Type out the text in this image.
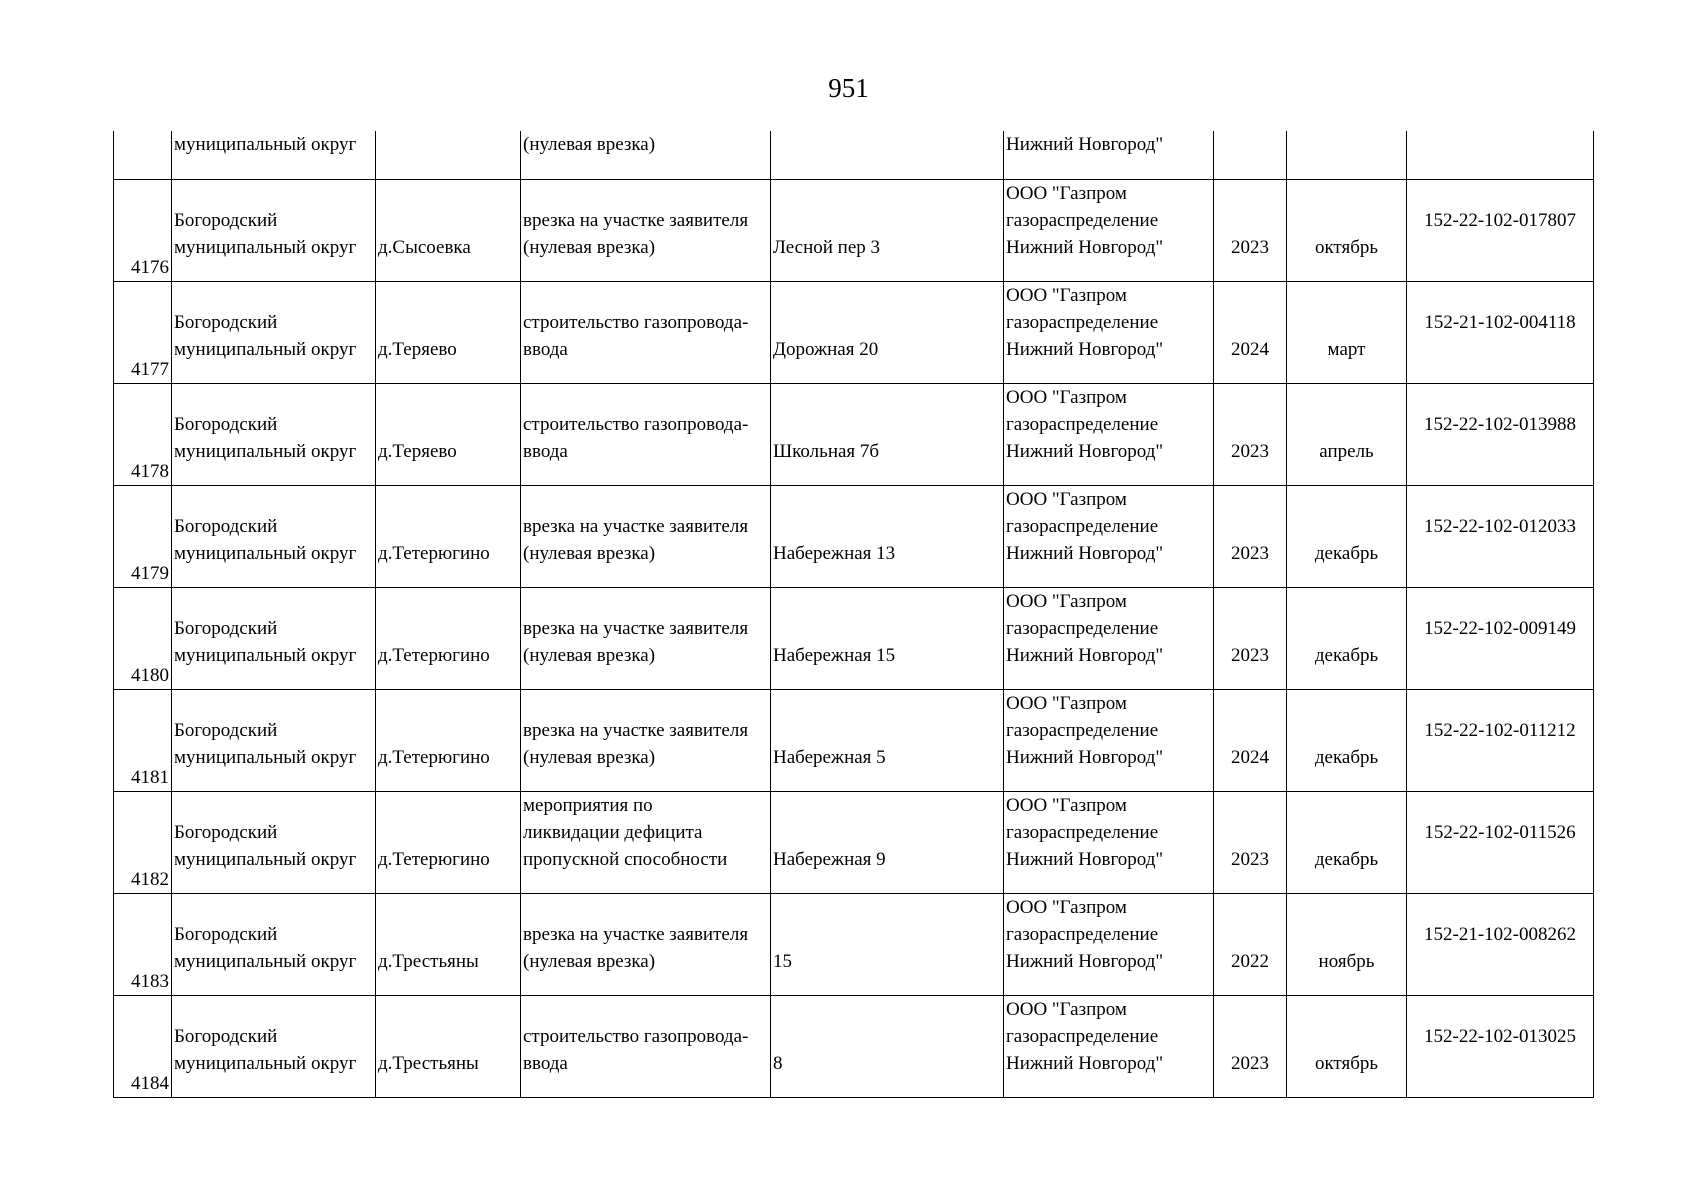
951

	муниципальный округ		(нулевая врезка)		Нижний Новгород"			

4176	Богородский
муниципальный округ	д.Сысоевка	врезка на участке заявителя
(нулевая врезка)	Лесной пер 3	ООО "Газпром
газораспределение
Нижний Новгород"	2023	октябрь	152-22-102-017807

4177	Богородский
муниципальный округ	д.Теряево	строительство газопровода-
ввода	Дорожная 20	ООО "Газпром
газораспределение
Нижний Новгород"	2024	март	152-21-102-004118

4178	Богородский
муниципальный округ	д.Теряево	строительство газопровода-
ввода	Школьная 7б	ООО "Газпром
газораспределение
Нижний Новгород"	2023	апрель	152-22-102-013988

4179	Богородский
муниципальный округ	д.Тетерюгино	врезка на участке заявителя
(нулевая врезка)	Набережная 13	ООО "Газпром
газораспределение
Нижний Новгород"	2023	декабрь	152-22-102-012033

4180	Богородский
муниципальный округ	д.Тетерюгино	врезка на участке заявителя
(нулевая врезка)	Набережная 15	ООО "Газпром
газораспределение
Нижний Новгород"	2023	декабрь	152-22-102-009149

4181	Богородский
муниципальный округ	д.Тетерюгино	врезка на участке заявителя
(нулевая врезка)	Набережная 5	ООО "Газпром
газораспределение
Нижний Новгород"	2024	декабрь	152-22-102-011212

4182	Богородский
муниципальный округ	д.Тетерюгино	мероприятия по
ликвидации дефицита
пропускной способности	Набережная 9	ООО "Газпром
газораспределение
Нижний Новгород"	2023	декабрь	152-22-102-011526

4183	Богородский
муниципальный округ	д.Трестьяны	врезка на участке заявителя
(нулевая врезка)	15	ООО "Газпром
газораспределение
Нижний Новгород"	2022	ноябрь	152-21-102-008262

4184	Богородский
муниципальный округ	д.Трестьяны	строительство газопровода-
ввода	8	ООО "Газпром
газораспределение
Нижний Новгород"	2023	октябрь	152-22-102-013025
